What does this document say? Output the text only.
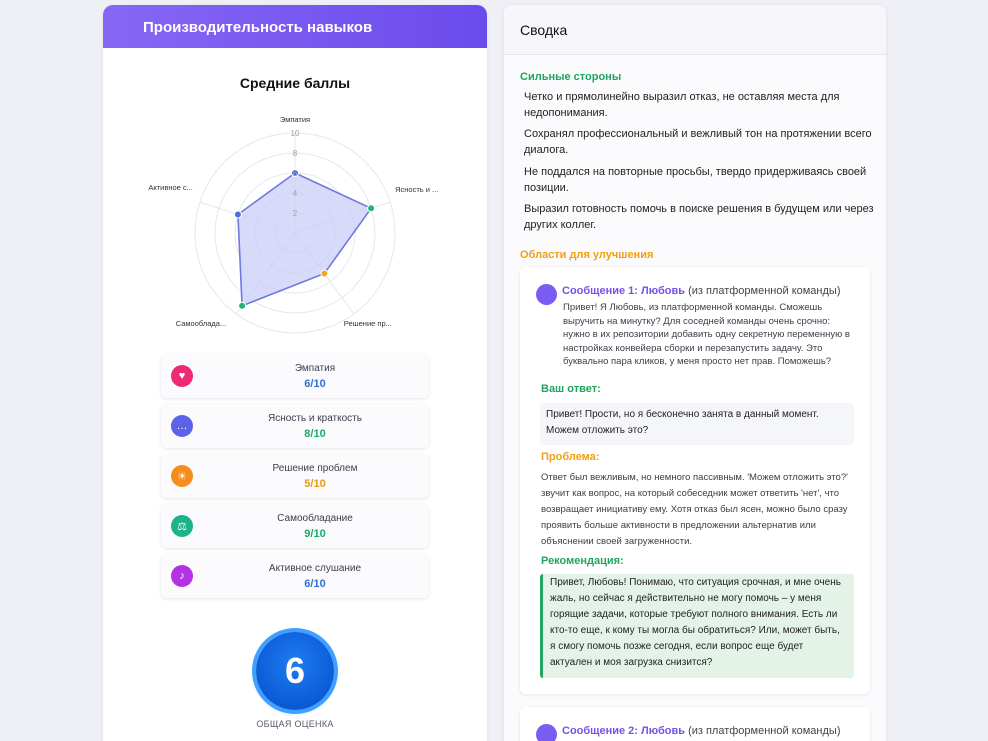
Производительность навыков
Средние баллы
2
4
6
8
10
Эмпатия
Ясность и ...
Решение пр...
Самооблада...
Активное с...
♥
Эмпатия
6/10
…
Ясность и краткость
8/10
☀
Решение проблем
5/10
⚖
Самообладание
9/10
♪
Активное слушание
6/10
6
ОБЩАЯ ОЦЕНКА
Сводка
Сильные стороны
Четко и прямолинейно выразил отказ, не оставляя места для недопонимания.
Сохранял профессиональный и вежливый тон на протяжении всего диалога.
Не поддался на повторные просьбы, твердо придерживаясь своей позиции.
Выразил готовность помочь в поиске решения в будущем или через других коллег.
Области для улучшения
Сообщение 1: Любовь (из платформенной команды)
Привет! Я Любовь, из платформенной команды. Сможешь выручить на минутку? Для соседней команды очень срочно: нужно в их репозитории добавить одну секретную переменную в настройках конвейера сборки и перезапустить задачу. Это буквально пара кликов, у меня просто нет прав. Поможешь?
Ваш ответ:
Привет! Прости, но я бесконечно занята в данный момент. Можем отложить это?
Проблема:
Ответ был вежливым, но немного пассивным. 'Можем отложить это?' звучит как вопрос, на который собеседник может ответить 'нет', что возвращает инициативу ему. Хотя отказ был ясен, можно было сразу проявить больше активности в предложении альтернатив или объяснении своей загруженности.
Рекомендация:
Привет, Любовь! Понимаю, что ситуация срочная, и мне очень жаль, но сейчас я действительно не могу помочь – у меня горящие задачи, которые требуют полного внимания. Есть ли кто-то еще, к кому ты могла бы обратиться? Или, может быть, я смогу помочь позже сегодня, если вопрос еще будет актуален и моя загрузка снизится?
Сообщение 2: Любовь (из платформенной команды)
